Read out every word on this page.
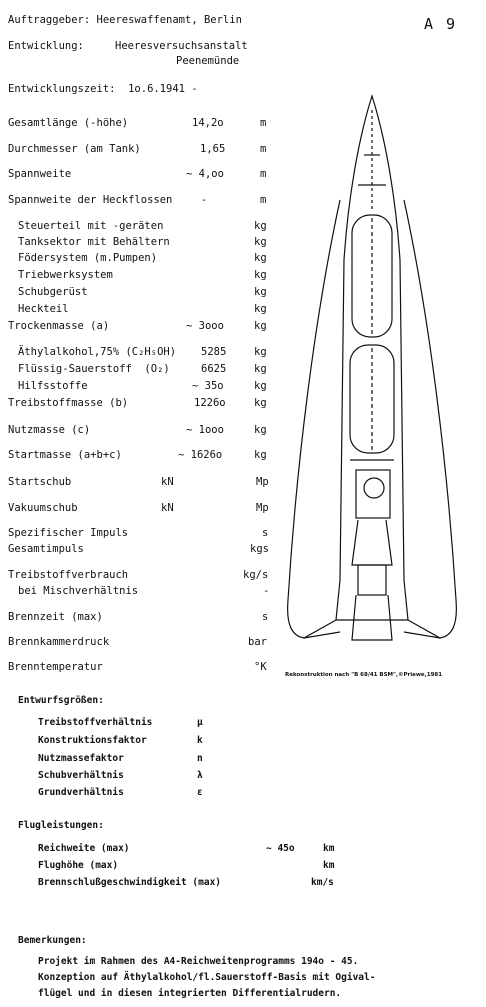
Auftraggeber: Heereswaffenamt, Berlin	A 9
Entwicklung:	Heeresversuchsanstalt
Peenemünde
Entwicklungszeit:  1o.6.1941 -
Gesamtlänge (-höhe)	14,2o	m
Durchmesser (am Tank)	1,65	m
Spannweite	~ 4,oo	m
Spannweite der Heckflossen	-	m
Steuerteil mit -geräten	kg
Tanksektor mit Behältern	kg
Födersystem (m.Pumpen)	kg
Triebwerksystem	kg
Schubgerüst	kg
Heckteil	kg
Trockenmasse (a)	~ 3ooo	kg
Äthylalkohol,75% (C₂H₅OH) 5285	kg
Flüssig-Sauerstoff  (O₂)	6625	kg
Hilfsstoffe	~ 35o	kg
Treibstoffmasse (b)	1226o	kg
Nutzmasse (c)	~ 1ooo	kg
Startmasse (a+b+c)	~ 1626o	kg
Startschub	kN	Mp
Vakuumschub	kN	Mp
Spezifischer Impuls	s
Gesamtimpuls	kgs
Treibstoffverbrauch	kg/s
bei Mischverhältnis	-
Brennzeit (max)	s
Brennkammerdruck	bar
Brenntemperatur	°K
Rekonstruktion nach "B 68/41 BSM",©Priewe,1981
Entwurfsgrößen:
Treibstoffverhältnis	µ
Konstruktionsfaktor	k
Nutzmassefaktor	n
Schubverhältnis	λ
Grundverhältnis	ε
Flugleistungen:
Reichweite (max)	~ 45o	km
Flughöhe (max)	km
Brennschlußgeschwindigkeit (max)	km/s
Bemerkungen:
Projekt im Rahmen des A4-Reichweitenprogramms 194o - 45.
Konzeption auf Äthylalkohol/fl.Sauerstoff-Basis mit Ogival-
flügel und in diesen integrierten Differentialrudern.
